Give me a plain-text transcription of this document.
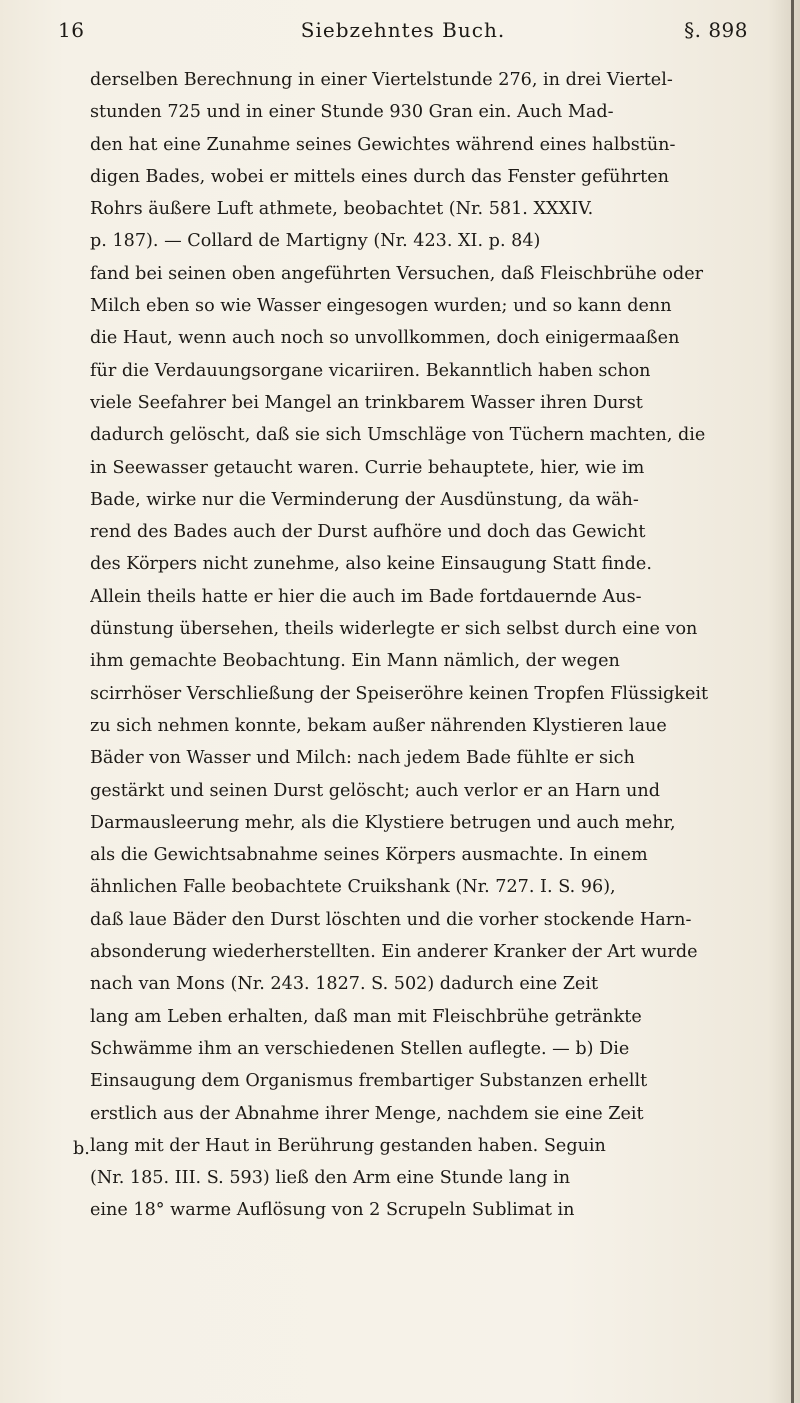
16	Siebzehntes Buch.	§. 898
b.
derselben Berechnung in einer Viertelstunde 276, in drei Viertel-
stunden 725 und in einer Stunde 930 Gran ein. Auch Mad-
den hat eine Zunahme seines Gewichtes während eines halbstün-
digen Bades, wobei er mittels eines durch das Fenster geführten
Rohrs äußere Luft athmete, beobachtet (Nr. 581. XXXIV.
p. 187). — Collard de Martigny (Nr. 423. XI. p. 84)
fand bei seinen oben angeführten Versuchen, daß Fleischbrühe oder
Milch eben so wie Wasser eingesogen wurden; und so kann denn
die Haut, wenn auch noch so unvollkommen, doch einigermaaßen
für die Verdauungsorgane vicariiren. Bekanntlich haben schon
viele Seefahrer bei Mangel an trinkbarem Wasser ihren Durst
dadurch gelöscht, daß sie sich Umschläge von Tüchern machten, die
in Seewasser getaucht waren. Currie behauptete, hier, wie im
Bade, wirke nur die Verminderung der Ausdünstung, da wäh-
rend des Bades auch der Durst aufhöre und doch das Gewicht
des Körpers nicht zunehme, also keine Einsaugung Statt finde.
Allein theils hatte er hier die auch im Bade fortdauernde Aus-
dünstung übersehen, theils widerlegte er sich selbst durch eine von
ihm gemachte Beobachtung. Ein Mann nämlich, der wegen
scirrhöser Verschließung der Speiseröhre keinen Tropfen Flüssigkeit
zu sich nehmen konnte, bekam außer nährenden Klystieren laue
Bäder von Wasser und Milch: nach jedem Bade fühlte er sich
gestärkt und seinen Durst gelöscht; auch verlor er an Harn und
Darmausleerung mehr, als die Klystiere betrugen und auch mehr,
als die Gewichtsabnahme seines Körpers ausmachte. In einem
ähnlichen Falle beobachtete Cruikshank (Nr. 727. I. S. 96),
daß laue Bäder den Durst löschten und die vorher stockende Harn-
absonderung wiederherstellten. Ein anderer Kranker der Art wurde
nach van Mons (Nr. 243. 1827. S. 502) dadurch eine Zeit
lang am Leben erhalten, daß man mit Fleischbrühe getränkte
Schwämme ihm an verschiedenen Stellen auflegte. — b) Die
Einsaugung dem Organismus frembartiger Substanzen erhellt
erstlich aus der Abnahme ihrer Menge, nachdem sie eine Zeit
lang mit der Haut in Berührung gestanden haben. Seguin
(Nr. 185. III. S. 593) ließ den Arm eine Stunde lang in
eine 18° warme Auflösung von 2 Scrupeln Sublimat in
